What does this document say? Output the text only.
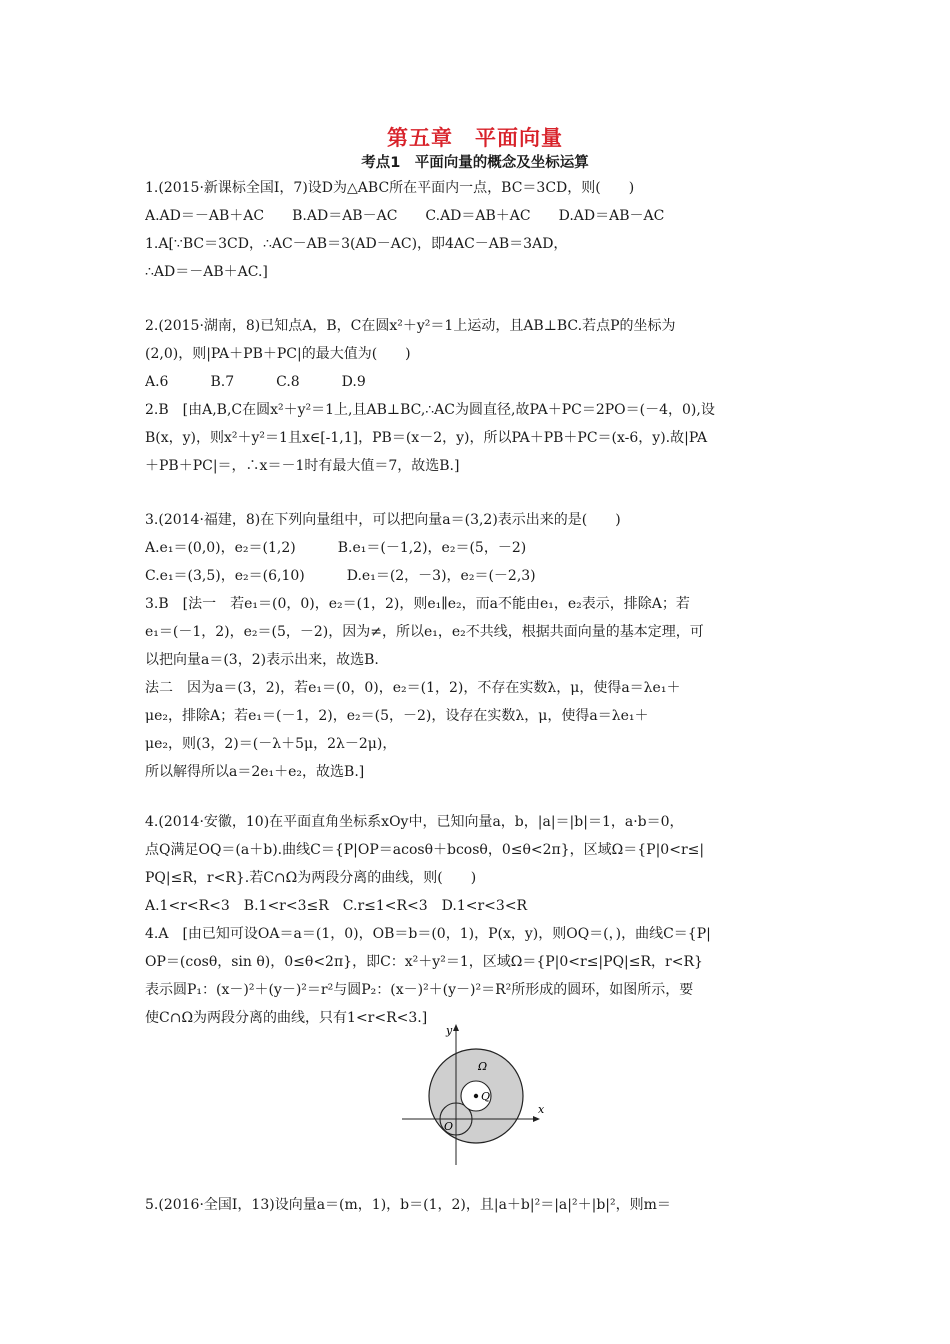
第五章　平面向量
考点1　平面向量的概念及坐标运算
1.(2015·新课标全国Ⅰ，7)设D为△ABC所在平面内一点，BC＝3CD，则(　　)
A.AD＝－AB＋AC　　B.AD＝AB－AC　　C.AD＝AB＋AC　　D.AD＝AB－AC
1.A[∵BC＝3CD，∴AC－AB＝3(AD－AC)，即4AC－AB＝3AD，
∴AD＝－AB＋AC.]
2.(2015·湖南，8)已知点A，B，C在圆x²＋y²＝1上运动，且AB⊥BC.若点P的坐标为
(2,0)，则|PA＋PB＋PC|的最大值为(　　)
A.6　　　B.7　　　C.8　　　D.9
2.B　[由A,B,C在圆x²＋y²＝1上,且AB⊥BC,∴AC为圆直径,故PA＋PC＝2PO＝(－4，0),设
B(x，y)，则x²＋y²＝1且x∈[-1,1]，PB＝(x－2，y)，所以PA＋PB＋PC＝(x-6，y).故|PA
＋PB＋PC|＝，∴x＝－1时有最大值＝7，故选B.]
3.(2014·福建，8)在下列向量组中，可以把向量a＝(3,2)表示出来的是(　　)
A.e₁＝(0,0)，e₂＝(1,2)　　　B.e₁＝(－1,2)，e₂＝(5，－2)
C.e₁＝(3,5)，e₂＝(6,10)　　　D.e₁＝(2，－3)，e₂＝(－2,3)
3.B　[法一　若e₁＝(0，0)，e₂＝(1，2)，则e₁∥e₂，而a不能由e₁，e₂表示，排除A；若
e₁＝(－1，2)，e₂＝(5，－2)，因为≠，所以e₁，e₂不共线，根据共面向量的基本定理，可
以把向量a＝(3，2)表示出来，故选B.
法二　因为a＝(3，2)，若e₁＝(0，0)，e₂＝(1，2)，不存在实数λ，μ，使得a＝λe₁＋
μe₂，排除A；若e₁＝(－1，2)，e₂＝(5，－2)，设存在实数λ，μ，使得a＝λe₁＋
μe₂，则(3，2)＝(－λ＋5μ，2λ－2μ)，
所以解得所以a＝2e₁＋e₂，故选B.]
4.(2014·安徽，10)在平面直角坐标系xOy中，已知向量a，b，|a|＝|b|＝1，a·b＝0，
点Q满足OQ＝(a＋b).曲线C＝{P|OP＝acosθ＋bcosθ，0≤θ<2π}，区域Ω＝{P|0<r≤|
PQ|≤R，r<R}.若C∩Ω为两段分离的曲线，则(　　)
A.1<r<R<3　B.1<r<3≤R　C.r≤1<R<3　D.1<r<3<R
4.A　[由已知可设OA＝a＝(1，0)，OB＝b＝(0，1)，P(x，y)，则OQ＝(，)，曲线C＝{P|
OP＝(cosθ，sin θ)，0≤θ<2π}，即C：x²＋y²＝1，区域Ω＝{P|0<r≤|PQ|≤R，r<R}
表示圆P₁：(x－)²＋(y－)²＝r²与圆P₂：(x－)²＋(y－)²＝R²所形成的圆环，如图所示，要
使C∩Ω为两段分离的曲线，只有1<r<R<3.]
y
x
Ω
Q
O
5.(2016·全国Ⅰ，13)设向量a＝(m，1)，b＝(1，2)，且|a＋b|²＝|a|²＋|b|²，则m＝
